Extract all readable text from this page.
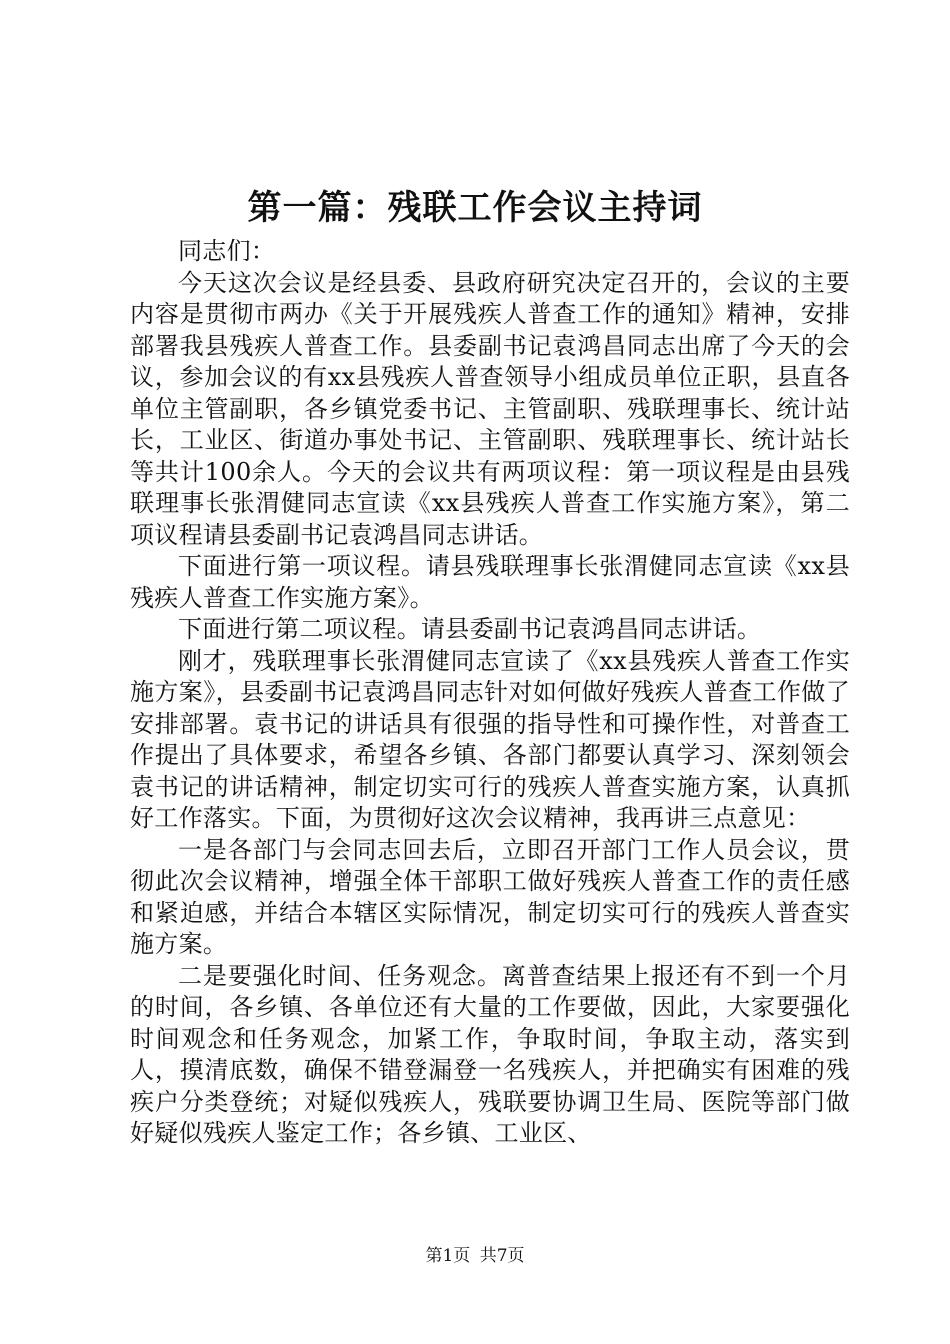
第一篇：残联工作会议主持词

同志们：

今天这次会议是经县委、县政府研究决定召开的，会议的主要内容是贯彻市两办《关于开展残疾人普查工作的通知》精神，安排部署我县残疾人普查工作。县委副书记袁鸿昌同志出席了今天的会议，参加会议的有xx县残疾人普查领导小组成员单位正职，县直各单位主管副职，各乡镇党委书记、主管副职、残联理事长、统计站长，工业区、街道办事处书记、主管副职、残联理事长、统计站长等共计100余人。今天的会议共有两项议程：第一项议程是由县残联理事长张渭健同志宣读《xx县残疾人普查工作实施方案》，第二项议程请县委副书记袁鸿昌同志讲话。

下面进行第一项议程。请县残联理事长张渭健同志宣读《xx县残疾人普查工作实施方案》。

下面进行第二项议程。请县委副书记袁鸿昌同志讲话。

刚才，残联理事长张渭健同志宣读了《xx县残疾人普查工作实施方案》，县委副书记袁鸿昌同志针对如何做好残疾人普查工作做了安排部署。袁书记的讲话具有很强的指导性和可操作性，对普查工作提出了具体要求，希望各乡镇、各部门都要认真学习、深刻领会袁书记的讲话精神，制定切实可行的残疾人普查实施方案，认真抓好工作落实。下面，为贯彻好这次会议精神，我再讲三点意见：

一是各部门与会同志回去后，立即召开部门工作人员会议，贯彻此次会议精神，增强全体干部职工做好残疾人普查工作的责任感和紧迫感，并结合本辖区实际情况，制定切实可行的残疾人普查实施方案。

二是要强化时间、任务观念。离普查结果上报还有不到一个月的时间，各乡镇、各单位还有大量的工作要做，因此，大家要强化时间观念和任务观念，加紧工作，争取时间，争取主动，落实到人，摸清底数，确保不错登漏登一名残疾人，并把确实有困难的残疾户分类登统；对疑似残疾人，残联要协调卫生局、医院等部门做好疑似残疾人鉴定工作；各乡镇、工业区、

第1页 共7页
